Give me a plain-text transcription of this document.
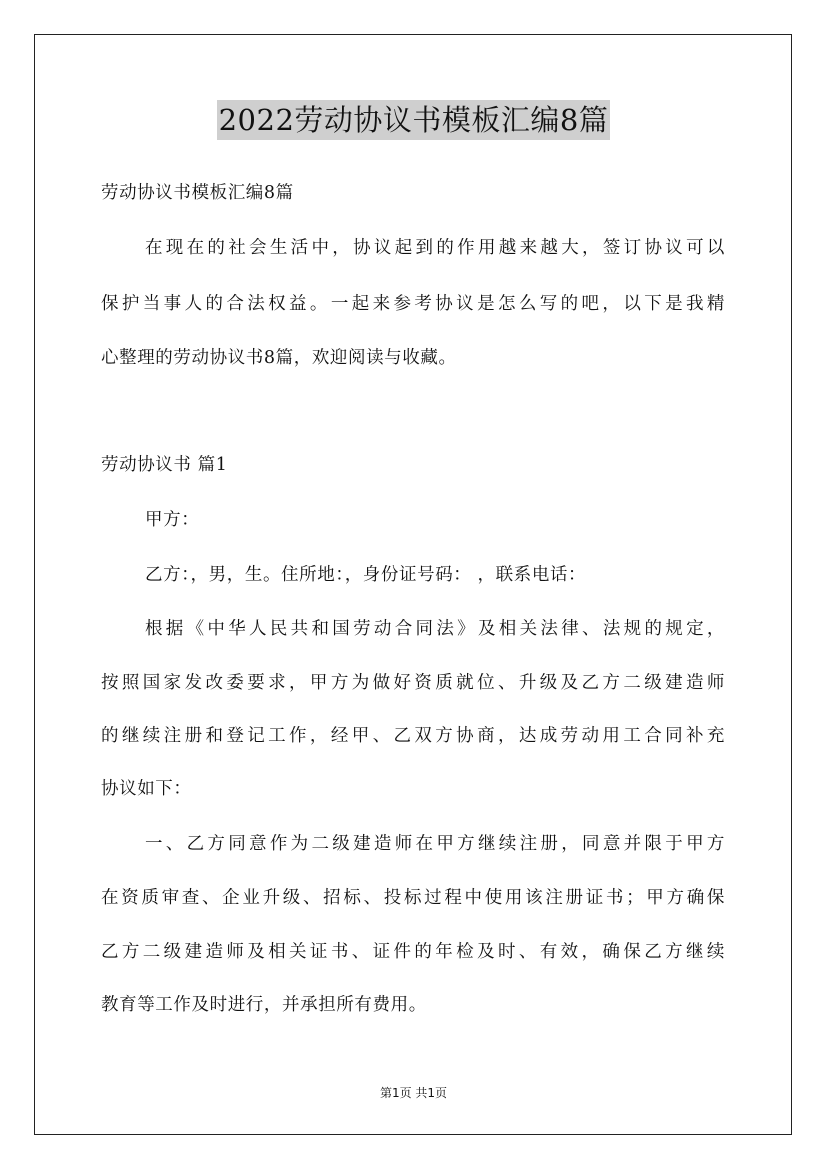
2022劳动协议书模板汇编8篇
劳动协议书模板汇编8篇
在现在的社会生活中，协议起到的作用越来越大，签订协议可以
保护当事人的合法权益。一起来参考协议是怎么写的吧，以下是我精
心整理的劳动协议书8篇，欢迎阅读与收藏。
劳动协议书 篇1
甲方：
乙方：，男，生。住所地：，身份证号码： ，联系电话：
根据《中华人民共和国劳动合同法》及相关法律、法规的规定，
按照国家发改委要求，甲方为做好资质就位、升级及乙方二级建造师
的继续注册和登记工作，经甲、乙双方协商，达成劳动用工合同补充
协议如下：
一、乙方同意作为二级建造师在甲方继续注册，同意并限于甲方
在资质审查、企业升级、招标、投标过程中使用该注册证书；甲方确保
乙方二级建造师及相关证书、证件的年检及时、有效，确保乙方继续
教育等工作及时进行，并承担所有费用。
第1页 共1页
